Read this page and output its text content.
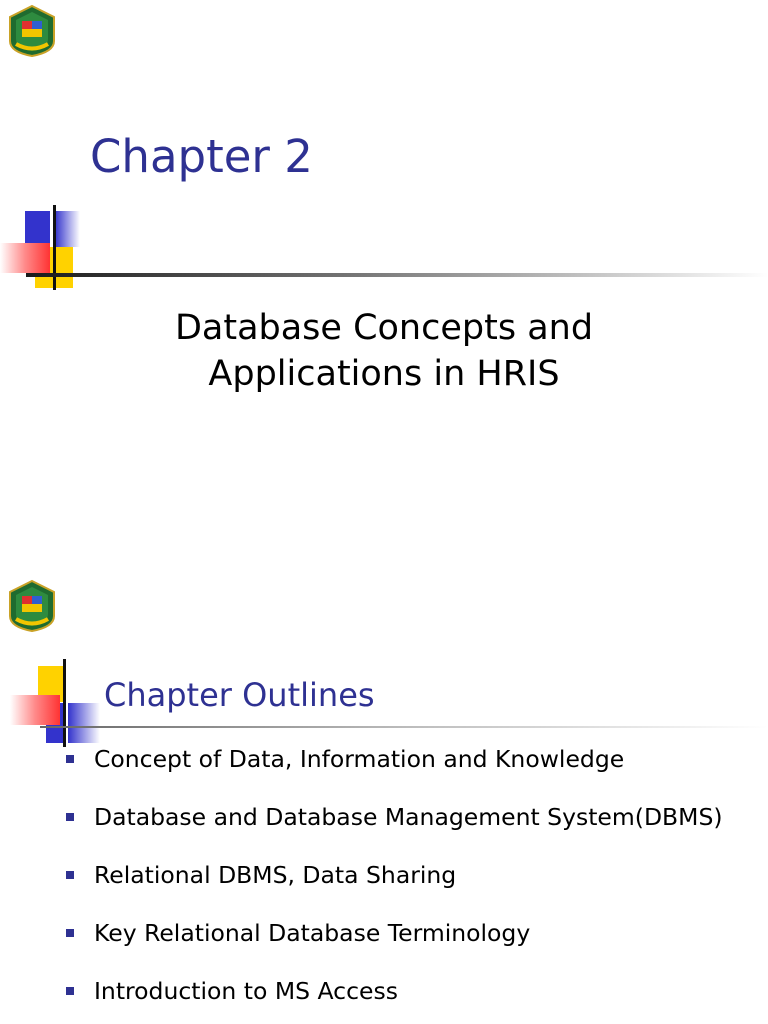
Chapter 2
Database Concepts and
Applications in HRIS
Chapter Outlines
Concept of Data, Information and Knowledge
Database and Database Management System(DBMS)
Relational DBMS, Data Sharing
Key Relational Database Terminology
Introduction to MS Access
